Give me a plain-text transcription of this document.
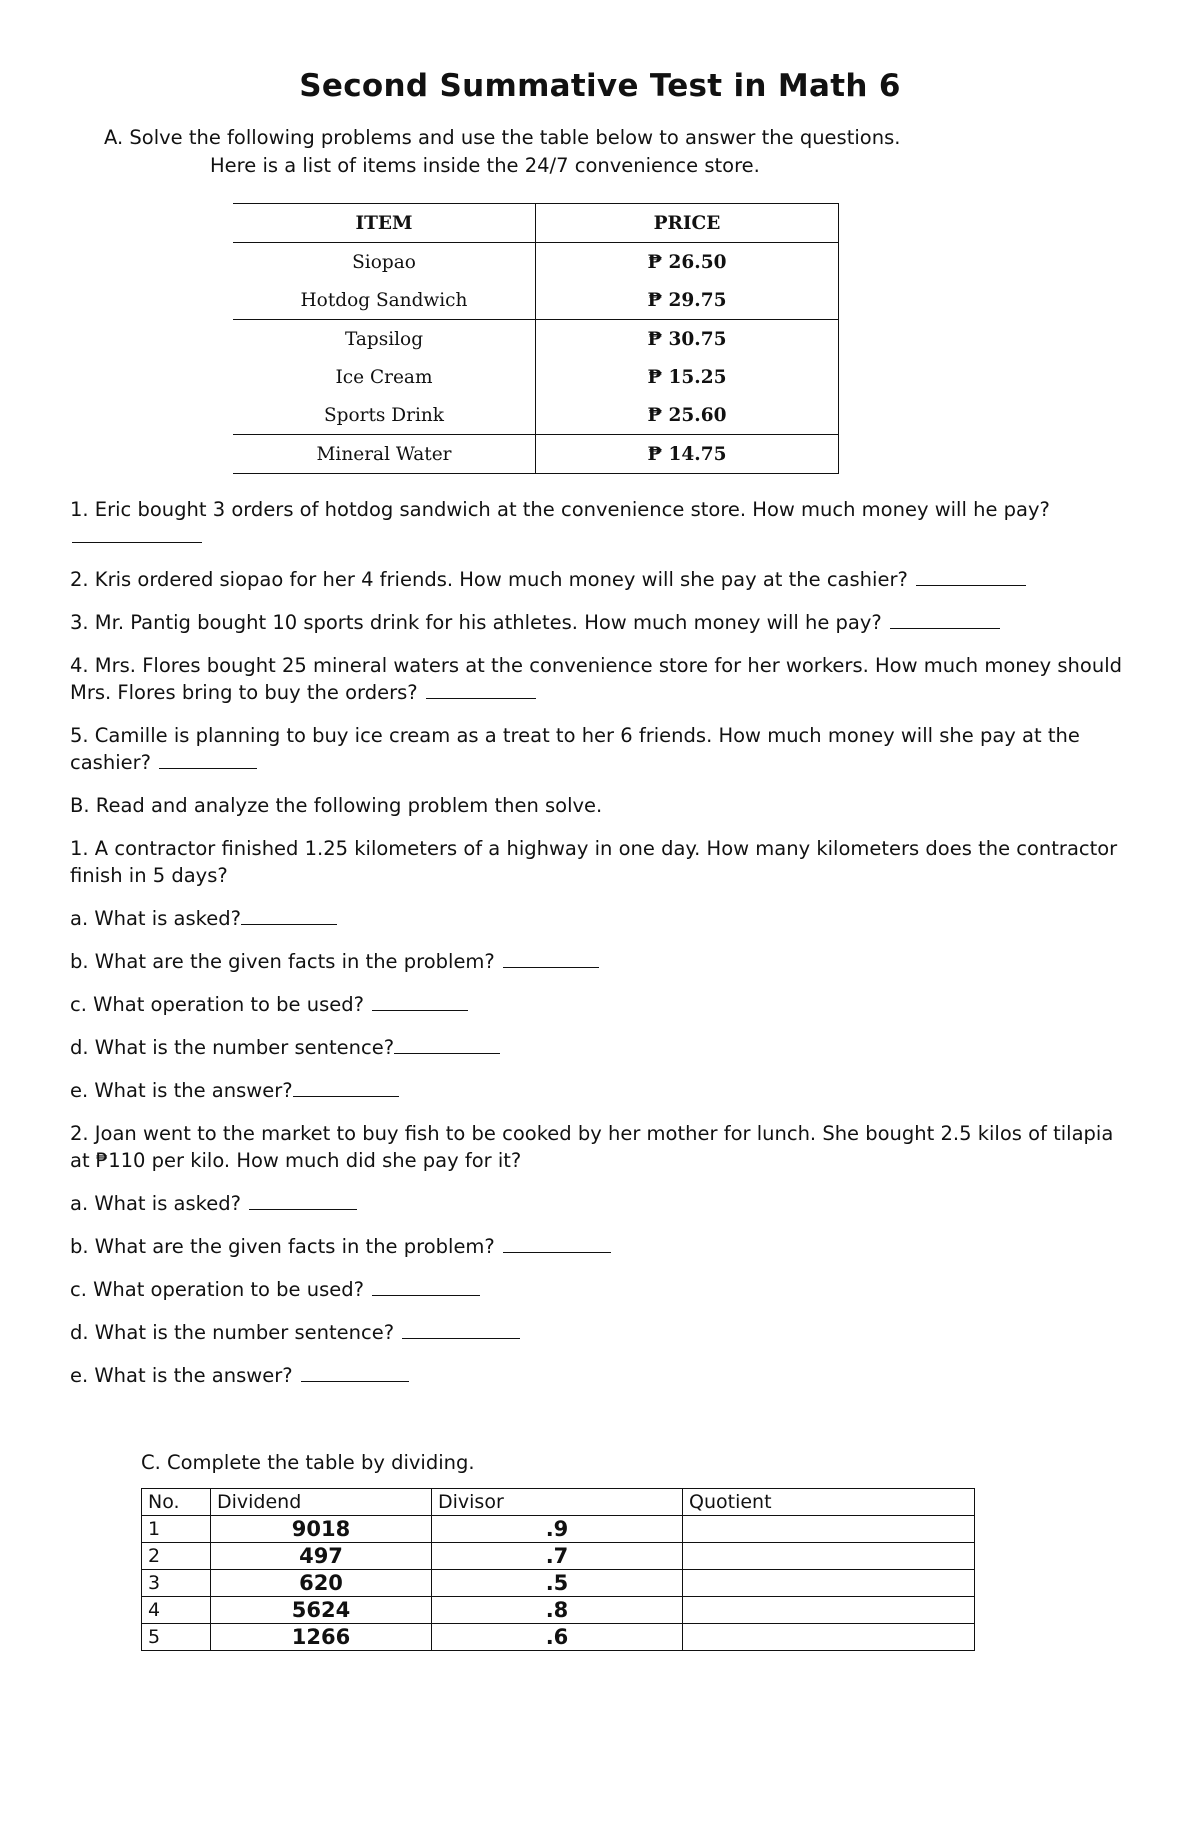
Second Summative Test in Math 6
A. Solve the following problems and use the table below to answer the questions.
Here is a list of items inside the 24/7 convenience store.
ITEM	PRICE
Siopao	₱ 26.50
Hotdog Sandwich	₱ 29.75
Tapsilog	₱ 30.75
Ice Cream	₱ 15.25
Sports Drink	₱ 25.60
Mineral Water	₱ 14.75
1. Eric bought 3 orders of hotdog sandwich at the convenience store. How much money will he pay?
2. Kris ordered siopao for her 4 friends. How much money will she pay at the cashier?
3. Mr. Pantig bought 10 sports drink for his athletes. How much money will he pay?
4. Mrs. Flores bought 25 mineral waters at the convenience store for her workers. How much money should Mrs. Flores bring to buy the orders?
5. Camille is planning to buy ice cream as a treat to her 6 friends. How much money will she pay at the cashier?
B. Read and analyze the following problem then solve.
1. A contractor finished 1.25 kilometers of a highway in one day. How many kilometers does the contractor finish in 5 days?
a. What is asked?
b. What are the given facts in the problem?
c. What operation to be used?
d. What is the number sentence?
e. What is the answer?
2. Joan went to the market to buy fish to be cooked by her mother for lunch. She bought 2.5 kilos of tilapia at ₱110 per kilo. How much did she pay for it?
a. What is asked?
b. What are the given facts in the problem?
c. What operation to be used?
d. What is the number sentence?
e. What is the answer?
C. Complete the table by dividing.
No.	Dividend	Divisor	Quotient
1	9018	.9	
2	497	.7	
3	620	.5	
4	5624	.8	
5	1266	.6	
